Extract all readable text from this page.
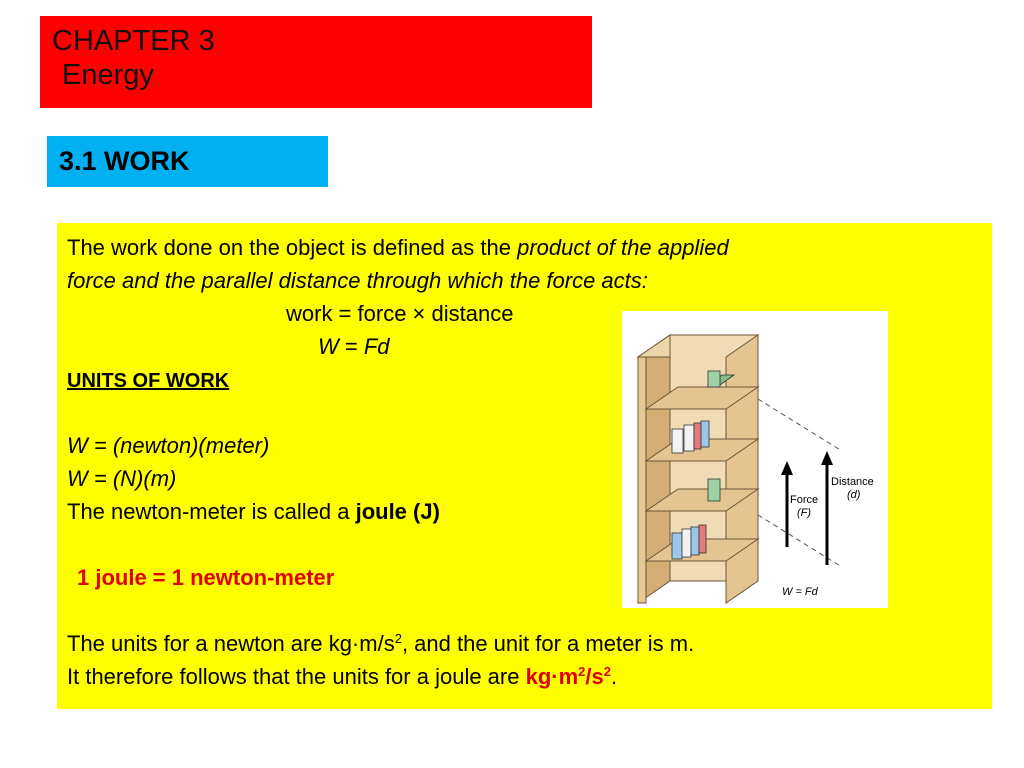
CHAPTER 3
Energy
3.1 WORK
The work done on the object is defined as the product of the applied
force and the parallel distance through which the force acts:
work = force × distance
W = Fd
UNITS OF WORK
W = (newton)(meter)
W = (N)(m)
The newton-meter is called a joule (J)
1 joule = 1 newton-meter
The units for a newton are $kg\cdot m/s^2$, and the unit for a meter is m.
It therefore follows that the units for a joule are $kg\cdot m^2/s^2$.
Force
(F)
Distance
(d)
W = Fd
